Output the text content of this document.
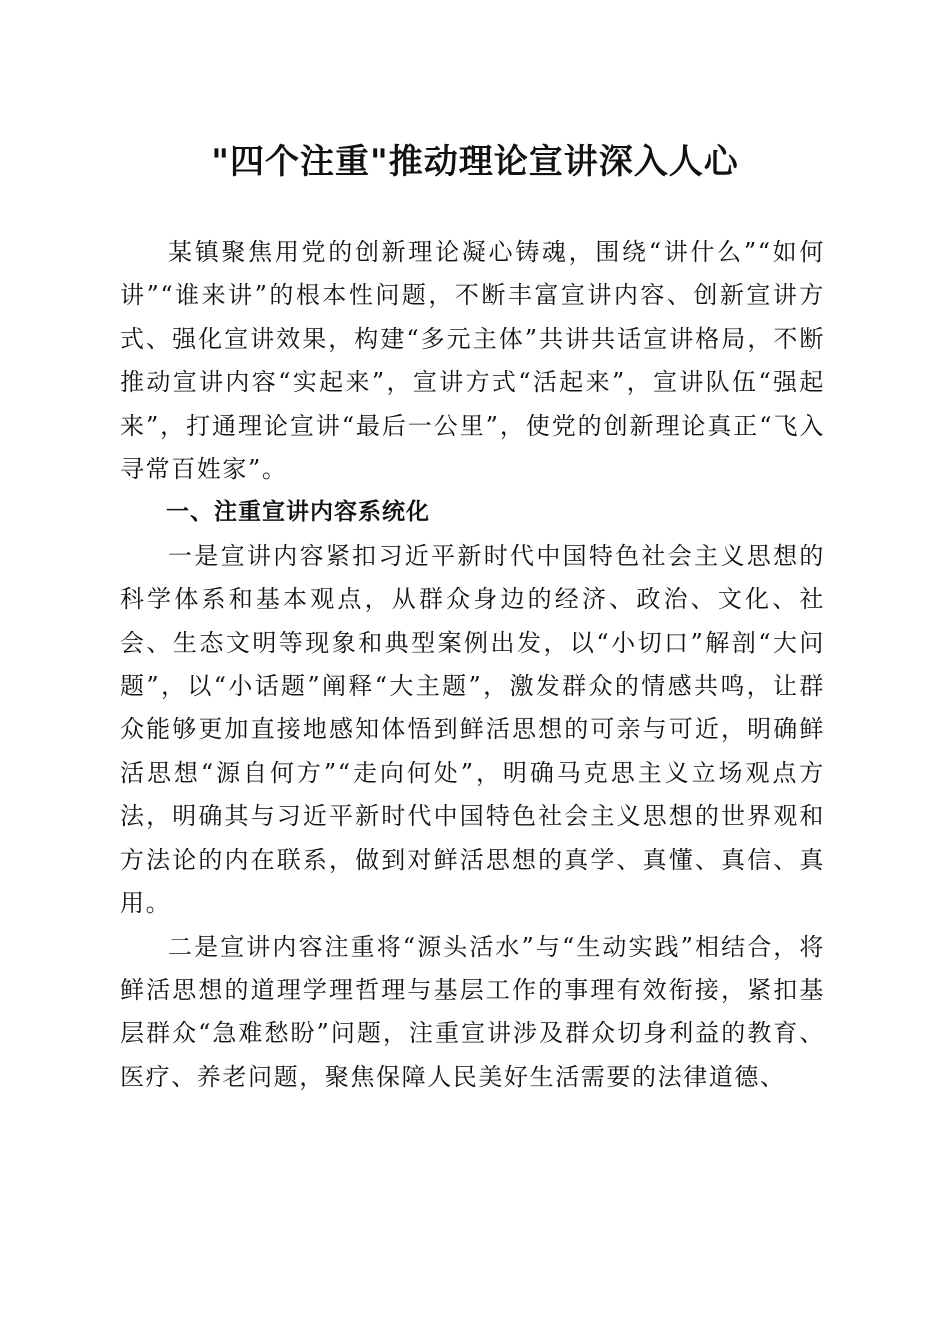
"四个注重"推动理论宣讲深入人心

某镇聚焦用党的创新理论凝心铸魂，围绕“讲什么”“如何讲”“谁来讲”的根本性问题，不断丰富宣讲内容、创新宣讲方式、强化宣讲效果，构建“多元主体”共讲共话宣讲格局，不断推动宣讲内容“实起来”，宣讲方式“活起来”，宣讲队伍“强起来”，打通理论宣讲“最后一公里”，使党的创新理论真正“飞入寻常百姓家”。

一、注重宣讲内容系统化

一是宣讲内容紧扣习近平新时代中国特色社会主义思想的科学体系和基本观点，从群众身边的经济、政治、文化、社会、生态文明等现象和典型案例出发，以“小切口”解剖“大问题”，以“小话题”阐释“大主题”，激发群众的情感共鸣，让群众能够更加直接地感知体悟到鲜活思想的可亲与可近，明确鲜活思想“源自何方”“走向何处”，明确马克思主义立场观点方法，明确其与习近平新时代中国特色社会主义思想的世界观和方法论的内在联系，做到对鲜活思想的真学、真懂、真信、真用。

二是宣讲内容注重将“源头活水”与“生动实践”相结合，将鲜活思想的道理学理哲理与基层工作的事理有效衔接，紧扣基层群众“急难愁盼”问题，注重宣讲涉及群众切身利益的教育、医疗、养老问题，聚焦保障人民美好生活需要的法律道德、
